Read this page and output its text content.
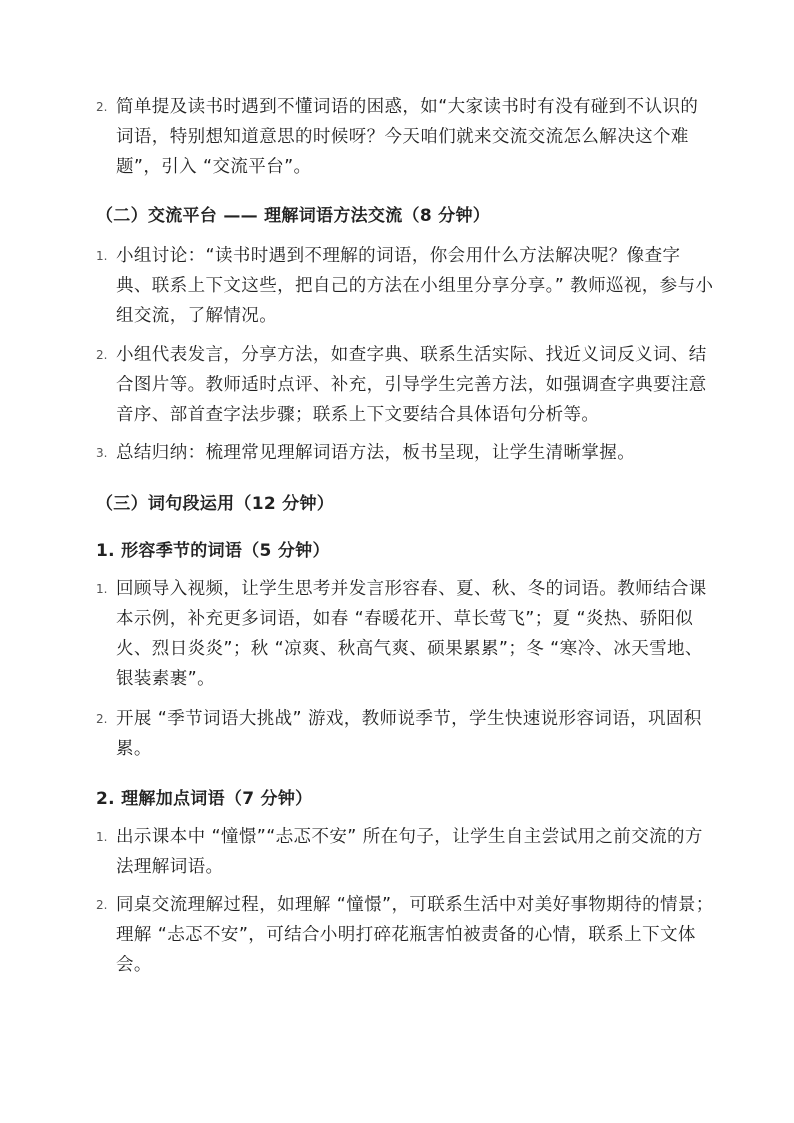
2. 简单提及读书时遇到不懂词语的困惑，如“大家读书时有没有碰到不认识的词语，特别想知道意思的时候呀？今天咱们就来交流交流怎么解决这个难题”，引入 “交流平台”。
（二）交流平台 —— 理解词语方法交流（8 分钟）
1. 小组讨论：“读书时遇到不理解的词语，你会用什么方法解决呢？像查字典、联系上下文这些，把自己的方法在小组里分享分享。” 教师巡视，参与小组交流，了解情况。
2. 小组代表发言，分享方法，如查字典、联系生活实际、找近义词反义词、结合图片等。教师适时点评、补充，引导学生完善方法，如强调查字典要注意音序、部首查字法步骤；联系上下文要结合具体语句分析等。
3. 总结归纳：梳理常见理解词语方法，板书呈现，让学生清晰掌握。
（三）词句段运用（12 分钟）
1. 形容季节的词语（5 分钟）
1. 回顾导入视频，让学生思考并发言形容春、夏、秋、冬的词语。教师结合课本示例，补充更多词语，如春 “春暖花开、草长莺飞”；夏 “炎热、骄阳似火、烈日炎炎”；秋 “凉爽、秋高气爽、硕果累累”；冬 “寒冷、冰天雪地、银装素裹”。
2. 开展 “季节词语大挑战” 游戏，教师说季节，学生快速说形容词语，巩固积累。
2. 理解加点词语（7 分钟）
1. 出示课本中 “憧憬”“忐忑不安” 所在句子，让学生自主尝试用之前交流的方法理解词语。
2. 同桌交流理解过程，如理解 “憧憬”，可联系生活中对美好事物期待的情景；理解 “忐忑不安”，可结合小明打碎花瓶害怕被责备的心情，联系上下文体会。
